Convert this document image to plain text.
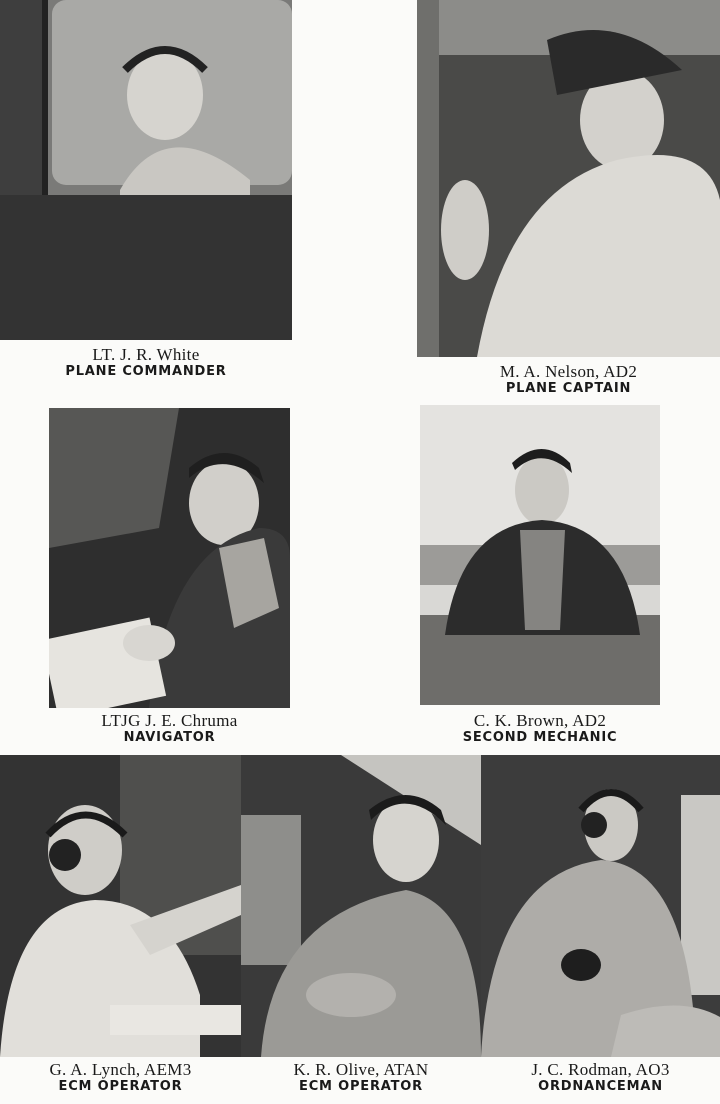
LT. J. R. White
PLANE COMMANDER	M. A. Nelson, AD2
PLANE CAPTAIN
LTJG J. E. Chruma
NAVIGATOR
C. K. Brown, AD2
SECOND MECHANIC
G. A. Lynch, AEM3
ECM OPERATOR
K. R. Olive, ATAN
ECM OPERATOR
J. C. Rodman, AO3
ORDNANCEMAN
